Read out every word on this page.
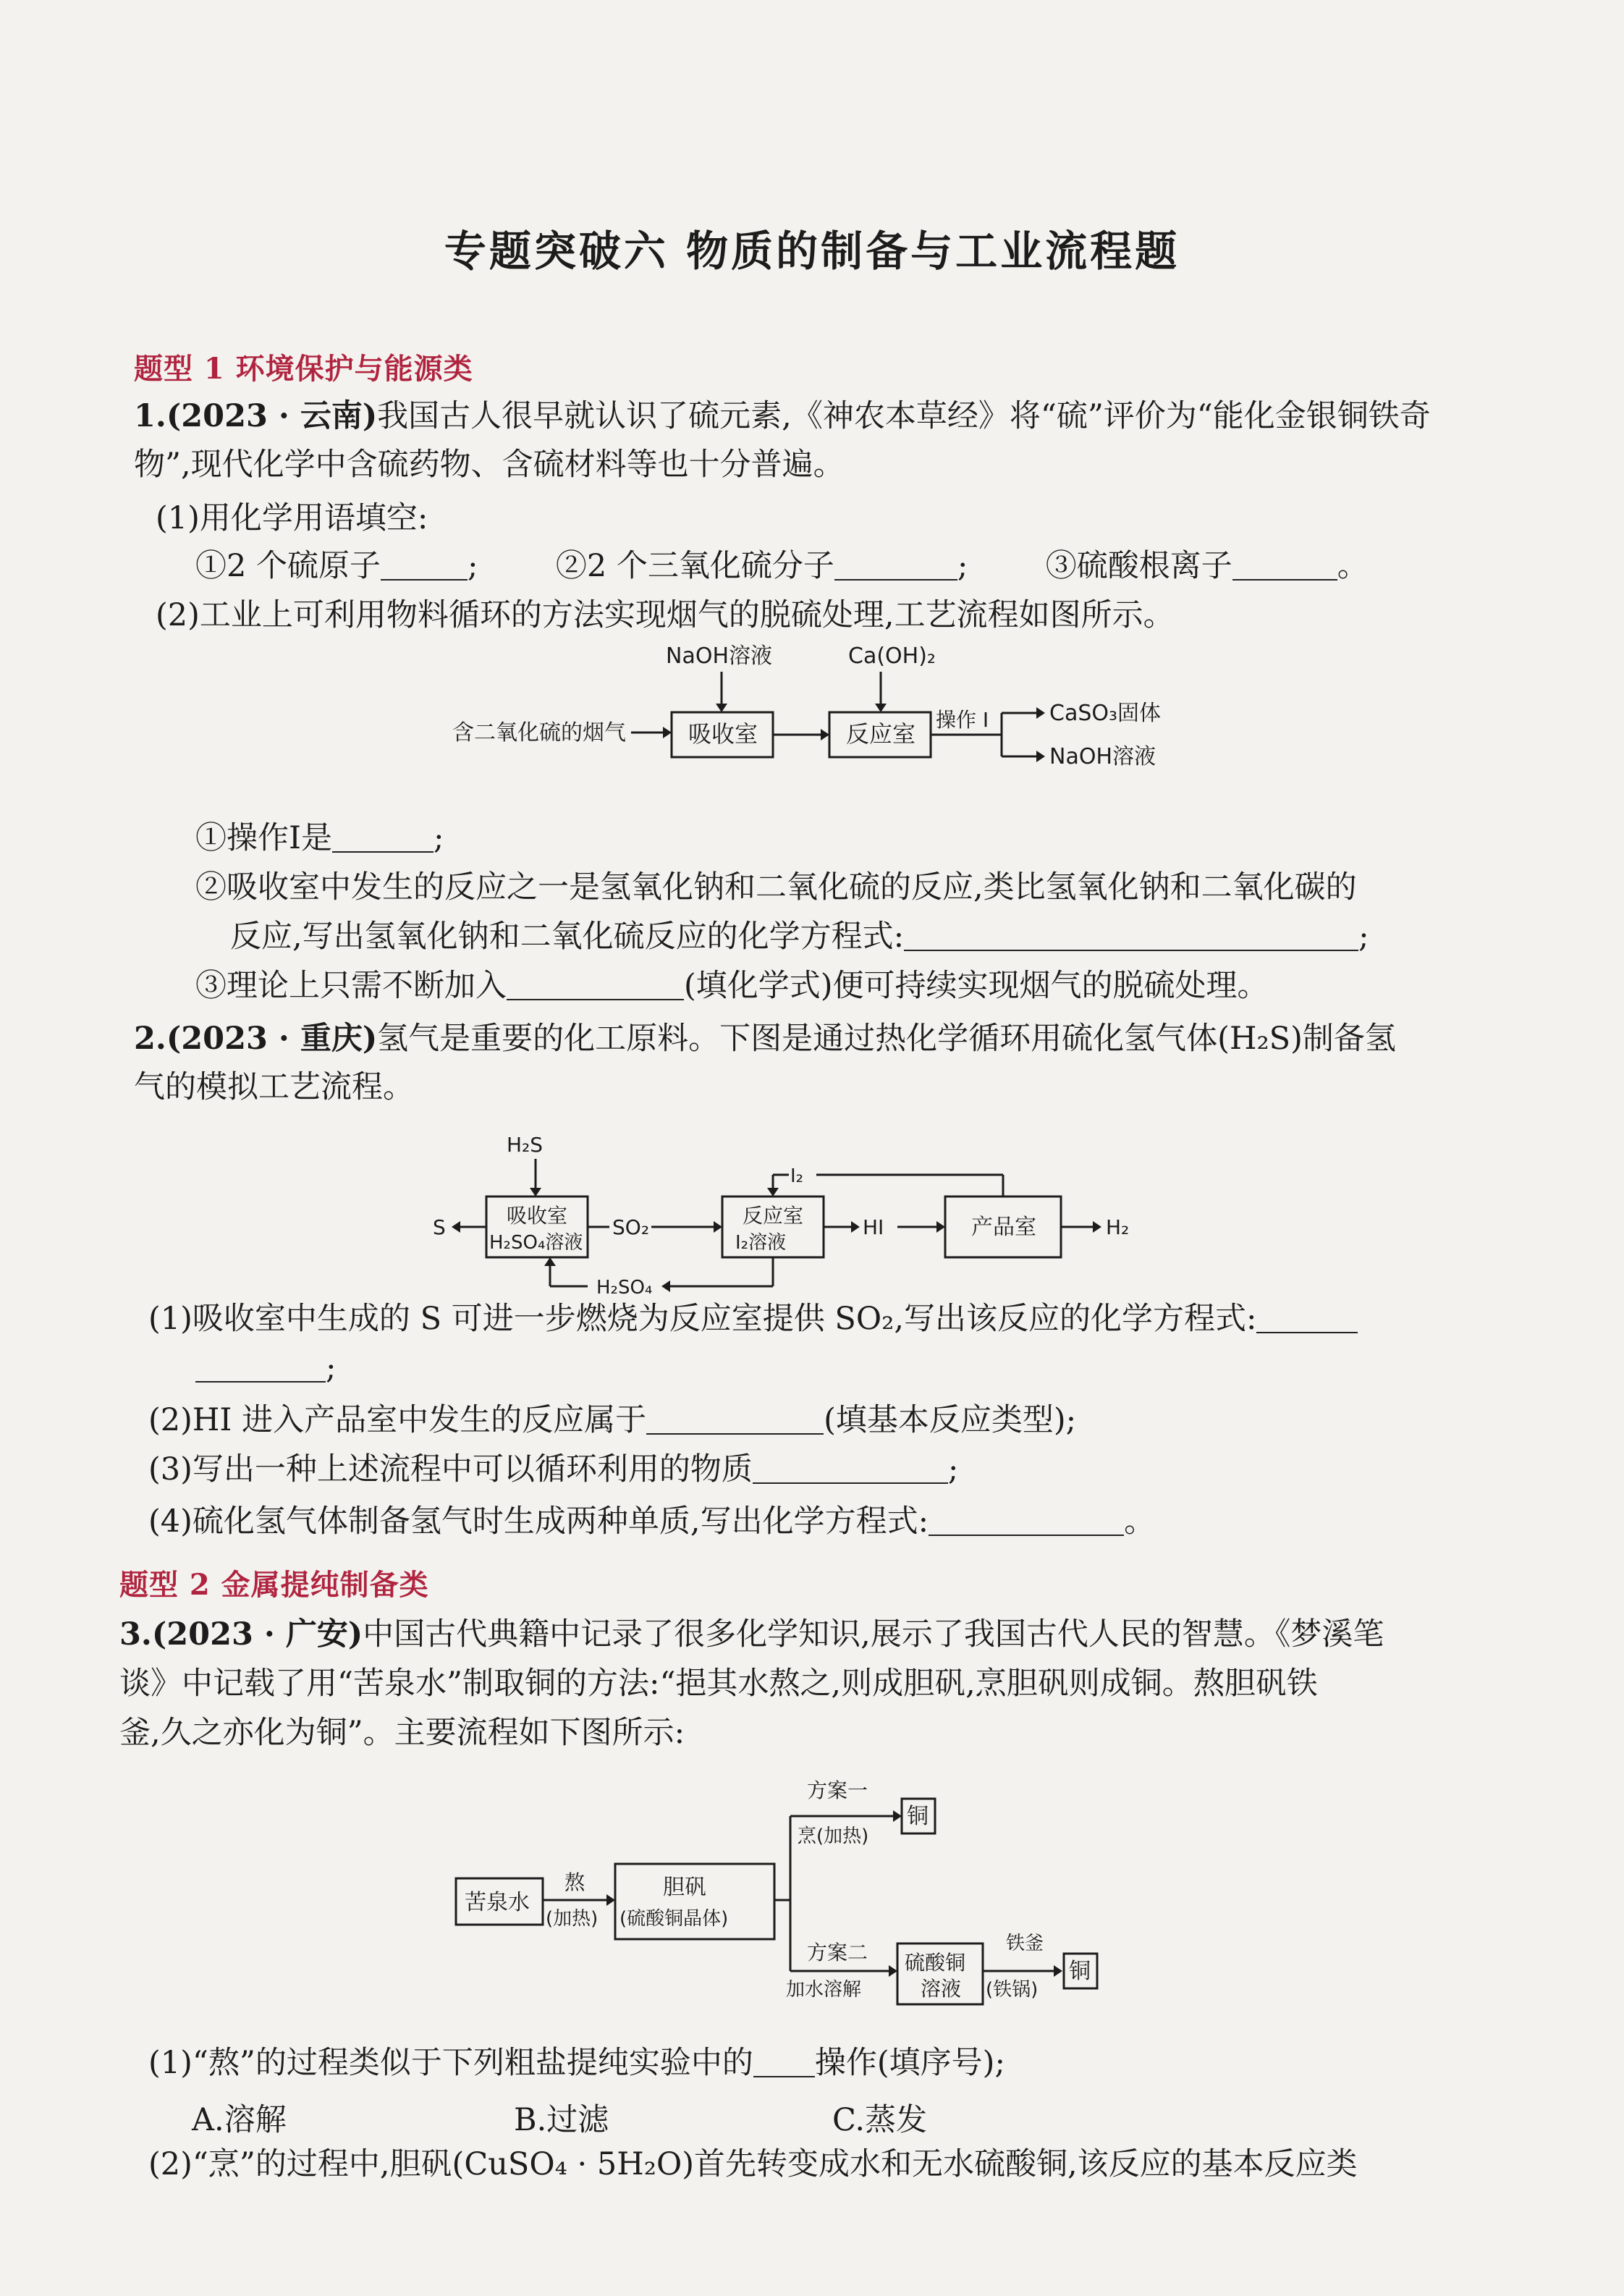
专题突破六 物质的制备与工业流程题
题型 1 环境保护与能源类
1.(2023 · 云南)我国古人很早就认识了硫元素,《神农本草经》将“硫”评价为“能化金银铜铁奇
物”,现代化学中含硫药物、含硫材料等也十分普遍。
(1)用化学用语填空:
①2 个硫原子	; ②2 个三氧化硫分子	; ③硫酸根离子	。
(2)工业上可利用物料循环的方法实现烟气的脱硫处理,工艺流程如图所示。
NaOH溶液	Ca(OH)₂
含二氧化硫的烟气	吸收室	反应室
操作 I	CaSO₃固体
NaOH溶液
①操作Ⅰ是	;
②吸收室中发生的反应之一是氢氧化钠和二氧化硫的反应,类比氢氧化钠和二氧化碳的
反应,写出氢氧化钠和二氧化硫反应的化学方程式:	;
③理论上只需不断加入	(填化学式)便可持续实现烟气的脱硫处理。
2.(2023 · 重庆)氢气是重要的化工原料。下图是通过热化学循环用硫化氢气体(H₂S)制备氢
气的模拟工艺流程。
H₂S
吸收室
H₂SO₄溶液
S	SO₂	反应室
I₂溶液
HI	产品室	H₂
I₂
H₂SO₄
(1)吸收室中生成的 S 可进一步燃烧为反应室提供 SO₂,写出该反应的化学方程式:
;
(2)HI 进入产品室中发生的反应属于	(填基本反应类型);
(3)写出一种上述流程中可以循环利用的物质	;
(4)硫化氢气体制备氢气时生成两种单质,写出化学方程式:	。
题型 2 金属提纯制备类
3.(2023 · 广安)中国古代典籍中记录了很多化学知识,展示了我国古代人民的智慧。《梦溪笔
谈》中记载了用“苦泉水”制取铜的方法:“挹其水熬之,则成胆矾,烹胆矾则成铜。熬胆矾铁
釜,久之亦化为铜”。主要流程如下图所示:
苦泉水
熬
(加热)
胆矾
(硫酸铜晶体)
方案一
烹(加热)
铜
方案二
加水溶解
硫酸铜
溶液
铁釜
(铁锅)
铜
(1)“熬”的过程类似于下列粗盐提纯实验中的 操作(填序号);
A.溶解	B.过滤	C.蒸发
(2)“烹”的过程中,胆矾(CuSO₄ · 5H₂O)首先转变成水和无水硫酸铜,该反应的基本反应类
